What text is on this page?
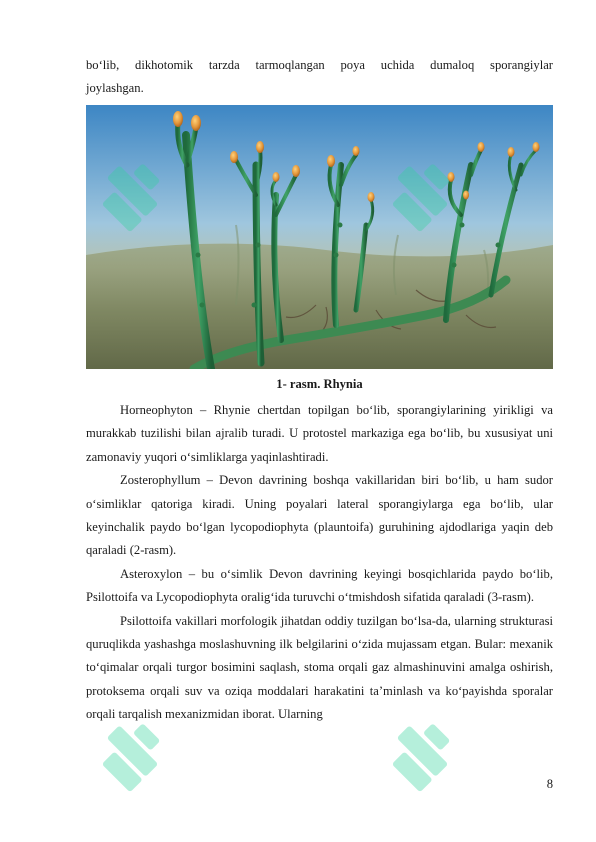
bo‘lib, dikhotomik tarzda tarmoqlangan poya uchida dumaloq sporangiylar

joylashgan.

1- rasm. Rhynia

Horneophyton – Rhynie chertdan topilgan bo‘lib, sporangiylarining yirikligi va murakkab tuzilishi bilan ajralib turadi. U protostel markaziga ega bo‘lib, bu xususiyat uni zamonaviy yuqori o‘simliklarga yaqinlashtiradi.

Zosterophyllum – Devon davrining boshqa vakillaridan biri bo‘lib, u ham sudor o‘simliklar qatoriga kiradi. Uning poyalari lateral sporangiylarga ega bo‘lib, ular keyinchalik paydo bo‘lgan lycopodiophyta (plauntoifa) guruhining ajdodlariga yaqin deb qaraladi (2-rasm).

Asteroxylon – bu o‘simlik Devon davrining keyingi bosqichlarida paydo bo‘lib, Psilottoifa va Lycopodiophyta oralig‘ida turuvchi o‘tmishdosh sifatida qaraladi (3-rasm).

Psilottoifa vakillari morfologik jihatdan oddiy tuzilgan bo‘lsa-da, ularning strukturasi quruqlikda yashashga moslashuvning ilk belgilarini o‘zida mujassam etgan. Bular: mexanik to‘qimalar orqali turgor bosimini saqlash, stoma orqali gaz almashinuvini amalga oshirish, protoksema orqali suv va oziqa moddalari harakatini ta’minlash va ko‘payishda sporalar orqali tarqalish mexanizmidan iborat. Ularning

8
